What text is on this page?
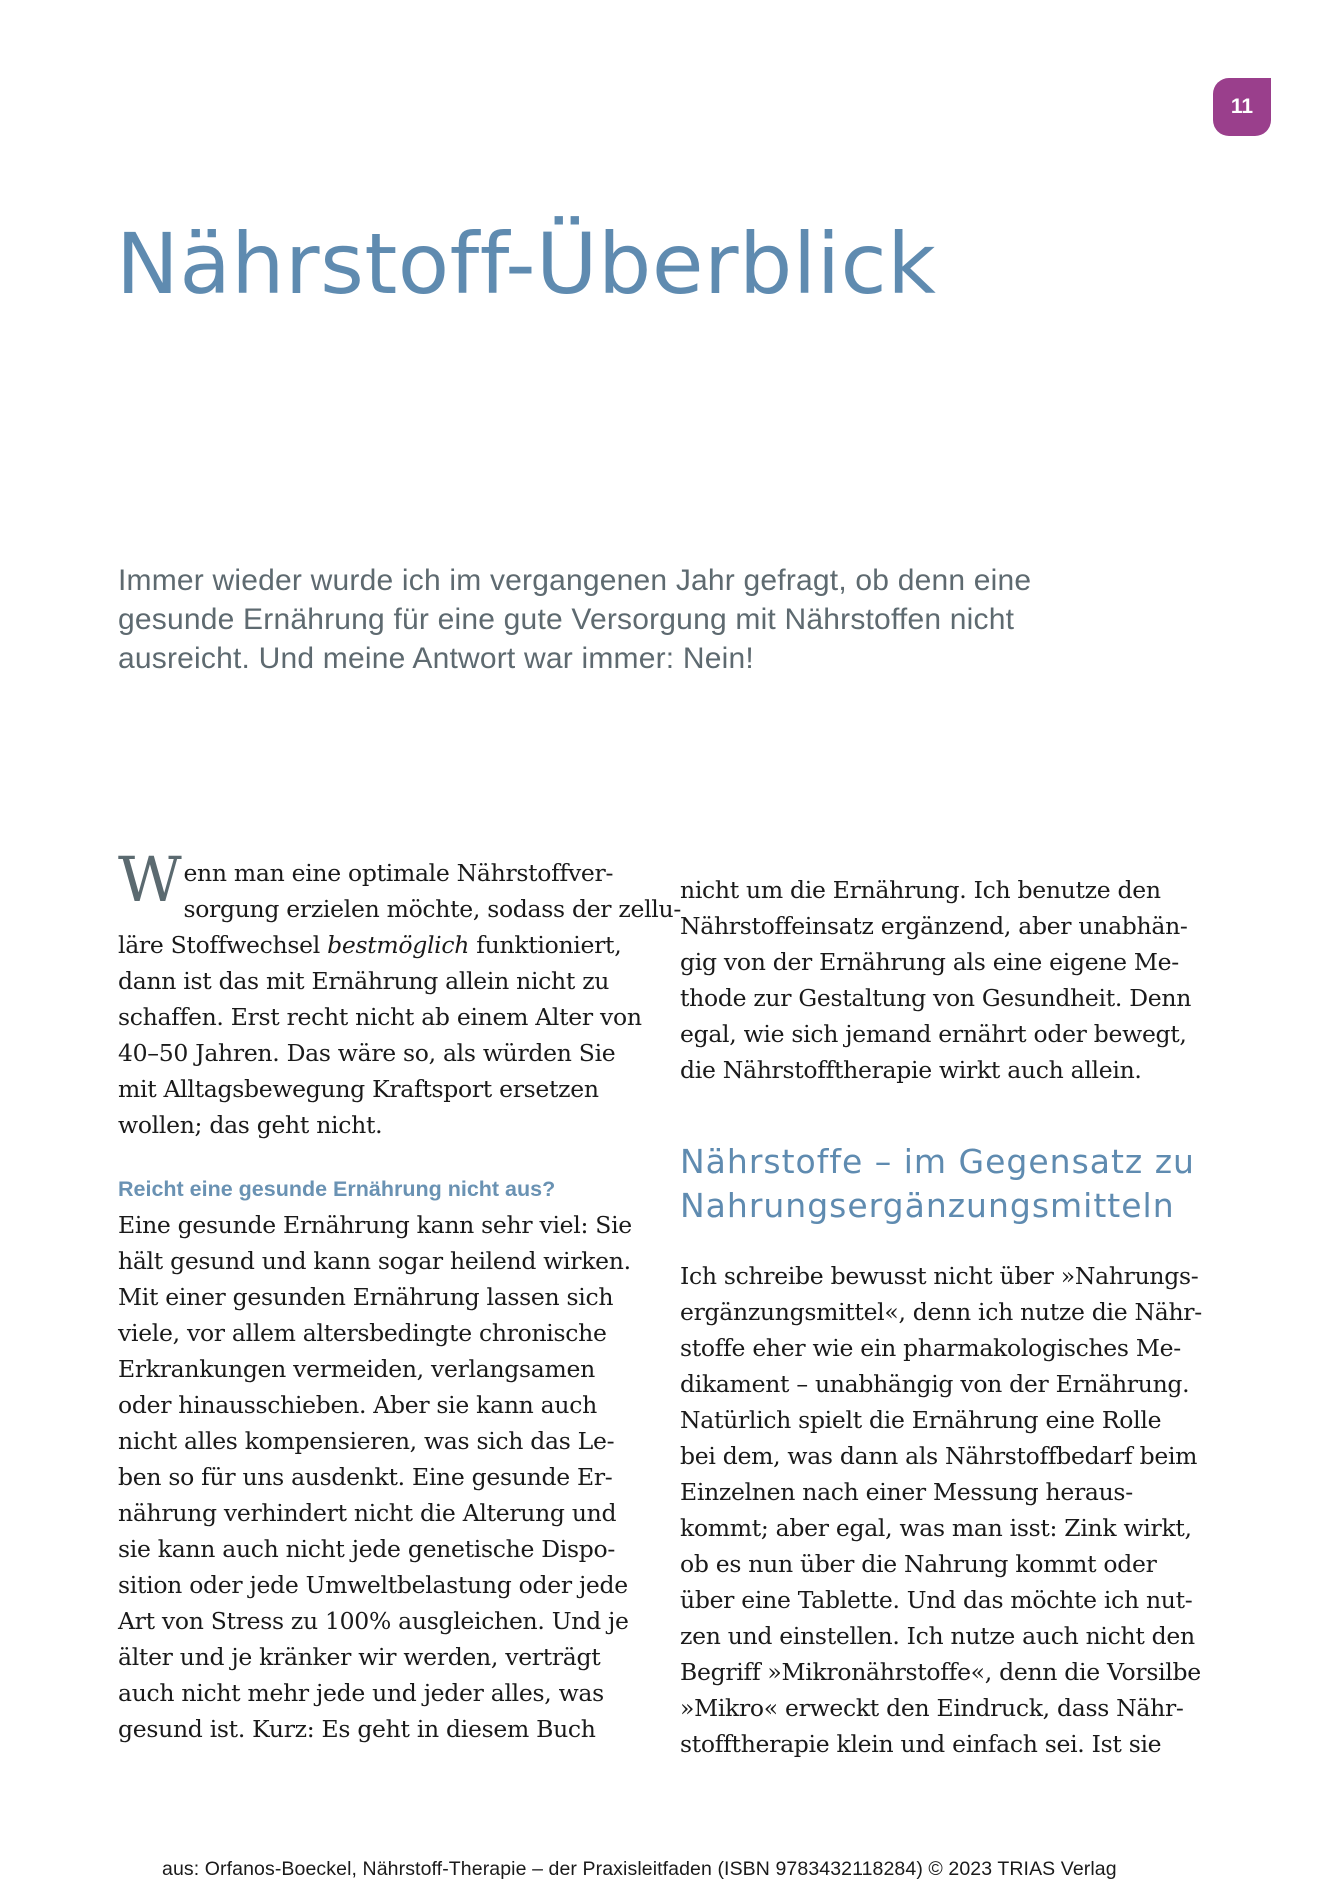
11
Nährstoff-Überblick
Immer wieder wurde ich im vergangenen Jahr gefragt, ob denn eine
gesunde Ernährung für eine gute Versorgung mit Nährstoffen nicht
ausreicht. Und meine Antwort war immer: Nein!

W enn man eine optimale Nährstoffver-
sorgung erzielen möchte, sodass der zellu-
läre Stoffwechsel bestmöglich funktioniert,
dann ist das mit Ernährung allein nicht zu
schaffen. Erst recht nicht ab einem Alter von
40–50 Jahren. Das wäre so, als würden Sie
mit Alltagsbewegung Kraftsport ersetzen
wollen; das geht nicht.

Reicht eine gesunde Ernährung nicht aus?

Eine gesunde Ernährung kann sehr viel: Sie
hält gesund und kann sogar heilend wirken.
Mit einer gesunden Ernährung lassen sich
viele, vor allem altersbedingte chronische
Erkrankungen vermeiden, verlangsamen
oder hinausschieben. Aber sie kann auch
nicht alles kompensieren, was sich das Le-
ben so für uns ausdenkt. Eine gesunde Er-
nährung verhindert nicht die Alterung und
sie kann auch nicht jede genetische Dispo-
sition oder jede Umweltbelastung oder jede
Art von Stress zu 100% ausgleichen. Und je
älter und je kränker wir werden, verträgt
auch nicht mehr jede und jeder alles, was
gesund ist. Kurz: Es geht in diesem Buch

nicht um die Ernährung. Ich benutze den
Nährstoffeinsatz ergänzend, aber unabhän-
gig von der Ernährung als eine eigene Me-
thode zur Gestaltung von Gesundheit. Denn
egal, wie sich jemand ernährt oder bewegt,
die Nährstofftherapie wirkt auch allein.

Nährstoffe – im Gegensatz zu
Nahrungsergänzungsmitteln

Ich schreibe bewusst nicht über »Nahrungs-
ergänzungsmittel«, denn ich nutze die Nähr-
stoffe eher wie ein pharmakologisches Me-
dikament – unabhängig von der Ernährung.
Natürlich spielt die Ernährung eine Rolle
bei dem, was dann als Nährstoffbedarf beim
Einzelnen nach einer Messung heraus-
kommt; aber egal, was man isst: Zink wirkt,
ob es nun über die Nahrung kommt oder
über eine Tablette. Und das möchte ich nut-
zen und einstellen. Ich nutze auch nicht den
Begriff »Mikronährstoffe«, denn die Vorsilbe
»Mikro« erweckt den Eindruck, dass Nähr-
stofftherapie klein und einfach sei. Ist sie

aus: Orfanos-Boeckel, Nährstoff-Therapie – der Praxisleitfaden (ISBN 9783432118284) © 2023 TRIAS Verlag
